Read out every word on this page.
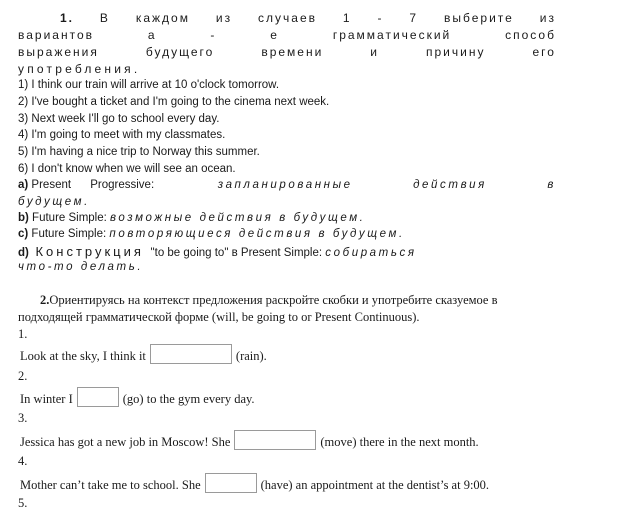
1. В каждом из случаев 1 - 7 выберите из
вариантов	а	-	е	грамматический	способ
выражения	будущего	времени	и	причину	его
употребления.
1) I think our train will arrive at 10 o'clock tomorrow.
2) I've bought a ticket and I'm going to the cinema next week.
3) Next week I'll go to school every day.
4) I'm going to meet with my classmates.
5) I'm having a nice trip to Norway this summer.
6) I don't know when we will see an ocean.
a) Present      Progressive:	запланированные	действия	в
будущем.
b) Future Simple: возможные действия в будущем.
c) Future Simple: повторяющиеся действия в будущем.
d) Конструкция "to be going to" в Present Simple: собираться
что-то делать.
2.Ориентируясь на контекст предложения раскройте скобки и употребите сказуемое в
подходящей грамматической форме (will, be going to or Present Continuous).
1.
Look at the sky, I think it	(rain).
2.
In winter I	(go) to the gym every day.
3.
Jessica has got a new job in Moscow! She	(move) there in the next month.
4.
Mother can’t take me to school. She	(have) an appointment at the dentist’s at 9:00.
5.
